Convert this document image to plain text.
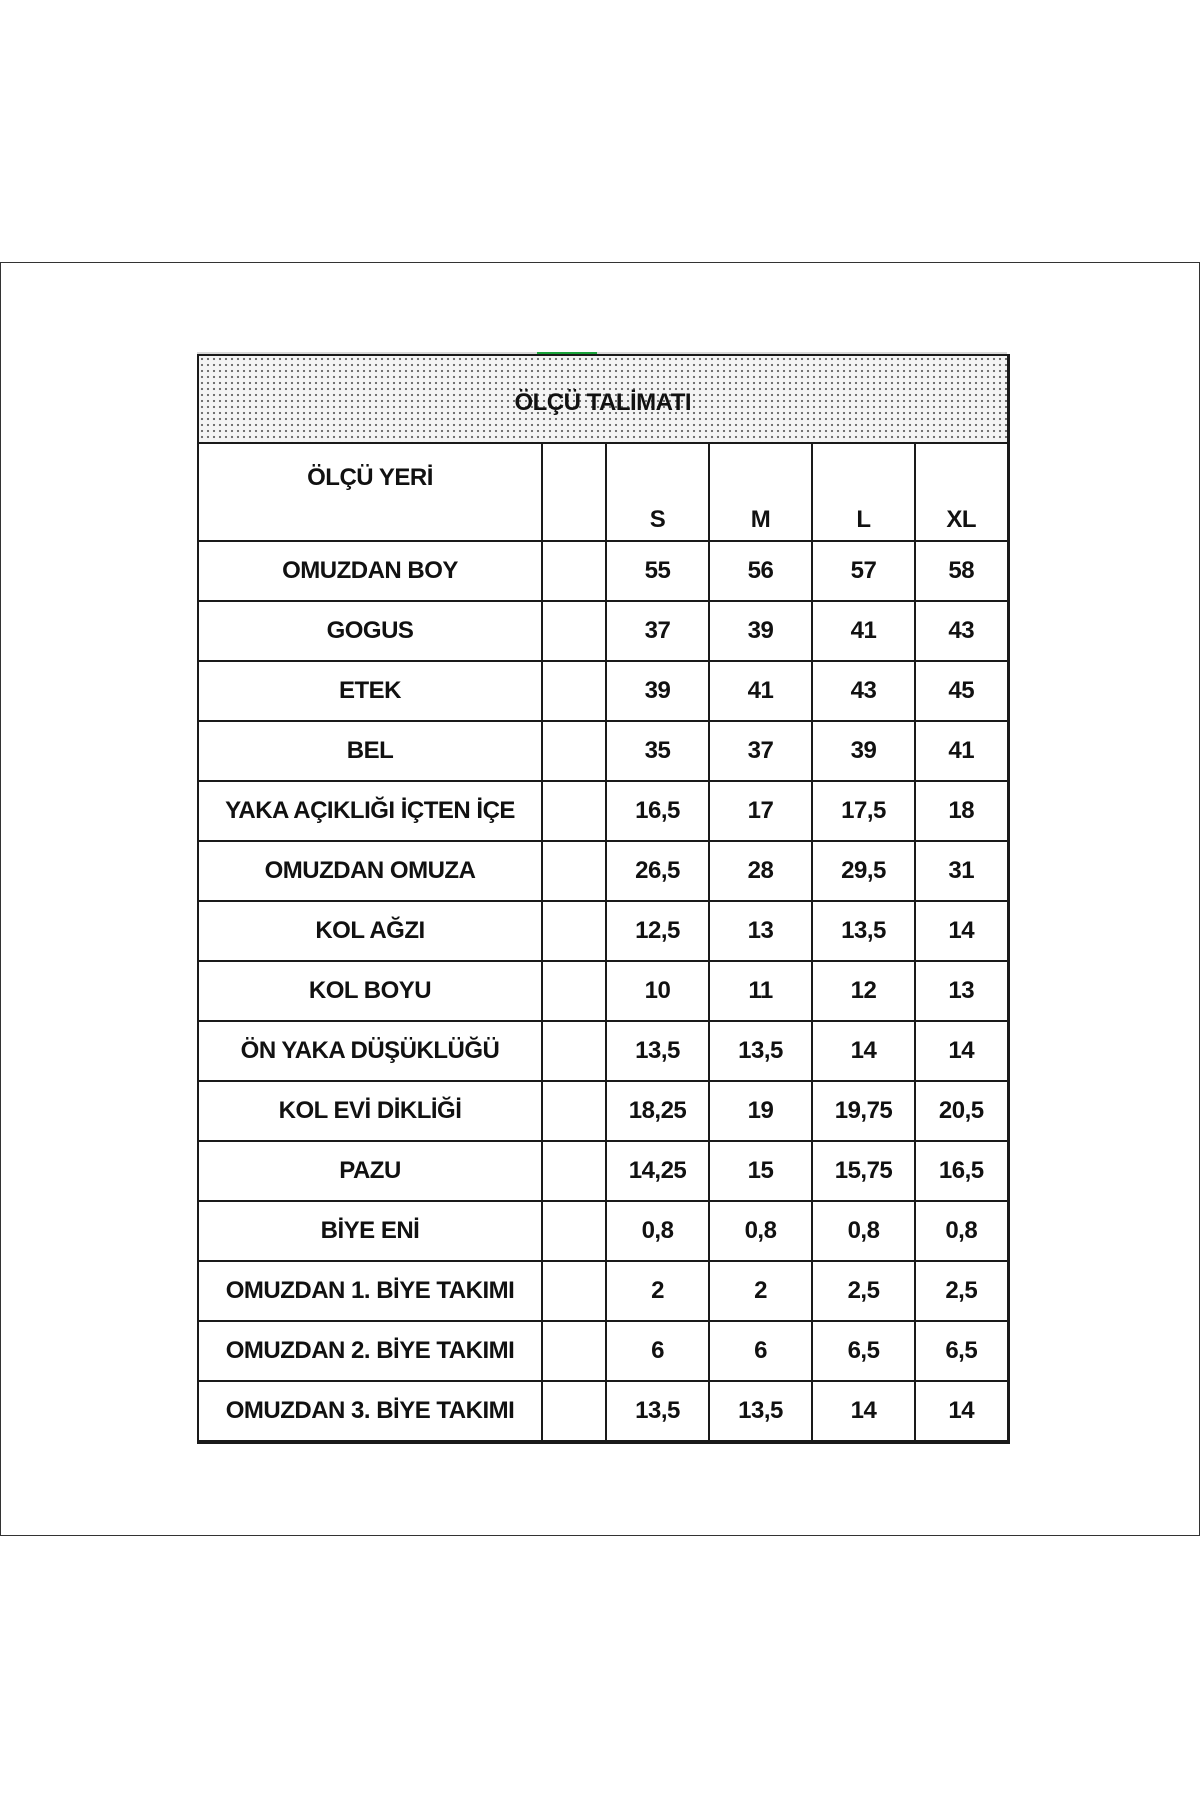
ÖLÇÜ TALİMATI					
ÖLÇÜ YERİ		S	M	L	XL
OMUZDAN BOY		55	56	57	58
GOGUS		37	39	41	43
ETEK		39	41	43	45
BEL		35	37	39	41
YAKA AÇIKLIĞI İÇTEN İÇE		16,5	17	17,5	18
OMUZDAN OMUZA		26,5	28	29,5	31
KOL AĞZI		12,5	13	13,5	14
KOL BOYU		10	11	12	13
ÖN YAKA DÜŞÜKLÜĞÜ		13,5	13,5	14	14
KOL EVİ DİKLİĞİ		18,25	19	19,75	20,5
PAZU		14,25	15	15,75	16,5
BİYE ENİ		0,8	0,8	0,8	0,8
OMUZDAN 1. BİYE TAKIMI		2	2	2,5	2,5
OMUZDAN 2. BİYE TAKIMI		6	6	6,5	6,5
OMUZDAN 3. BİYE TAKIMI		13,5	13,5	14	14
